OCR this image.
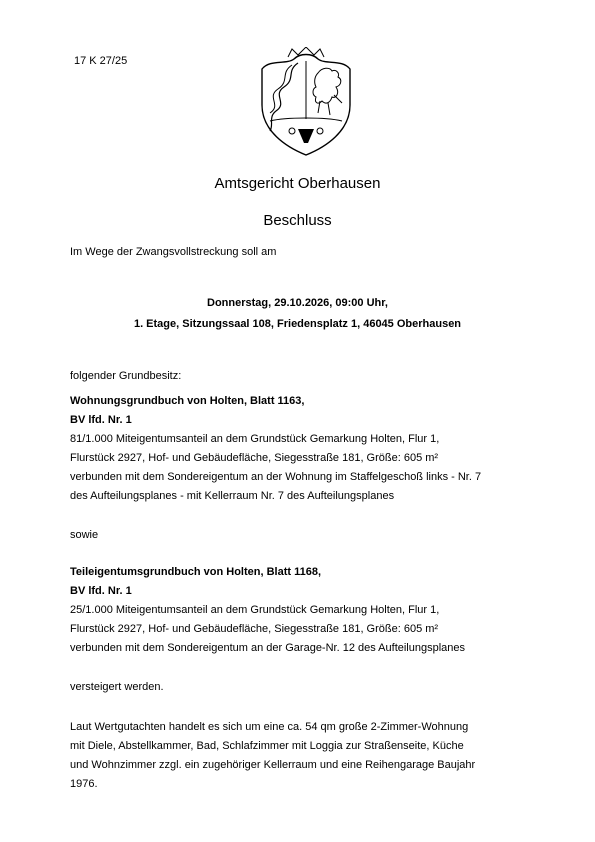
17 K 27/25
Amtsgericht Oberhausen
Beschluss
Im Wege der Zwangsvollstreckung soll am
Donnerstag, 29.10.2026, 09:00 Uhr,
1. Etage, Sitzungssaal 108, Friedensplatz 1, 46045 Oberhausen
folgender Grundbesitz:
Wohnungsgrundbuch von Holten, Blatt 1163,
BV lfd. Nr. 1
81/1.000 Miteigentumsanteil an dem Grundstück Gemarkung Holten, Flur 1,
Flurstück 2927, Hof- und Gebäudefläche, Siegesstraße 181, Größe: 605 m²
verbunden mit dem Sondereigentum an der Wohnung im Staffelgeschoß links - Nr. 7
des Aufteilungsplanes - mit Kellerraum Nr. 7 des Aufteilungsplanes
sowie
Teileigentumsgrundbuch von Holten, Blatt 1168,
BV lfd. Nr. 1
25/1.000 Miteigentumsanteil an dem Grundstück Gemarkung Holten, Flur 1,
Flurstück 2927, Hof- und Gebäudefläche, Siegesstraße 181, Größe: 605 m²
verbunden mit dem Sondereigentum an der Garage-Nr. 12 des Aufteilungsplanes
versteigert werden.
Laut Wertgutachten handelt es sich um eine ca. 54 qm große 2-Zimmer-Wohnung
mit Diele, Abstellkammer, Bad, Schlafzimmer mit Loggia zur Straßenseite, Küche
und Wohnzimmer zzgl. ein zugehöriger Kellerraum und eine Reihengarage Baujahr
1976.
